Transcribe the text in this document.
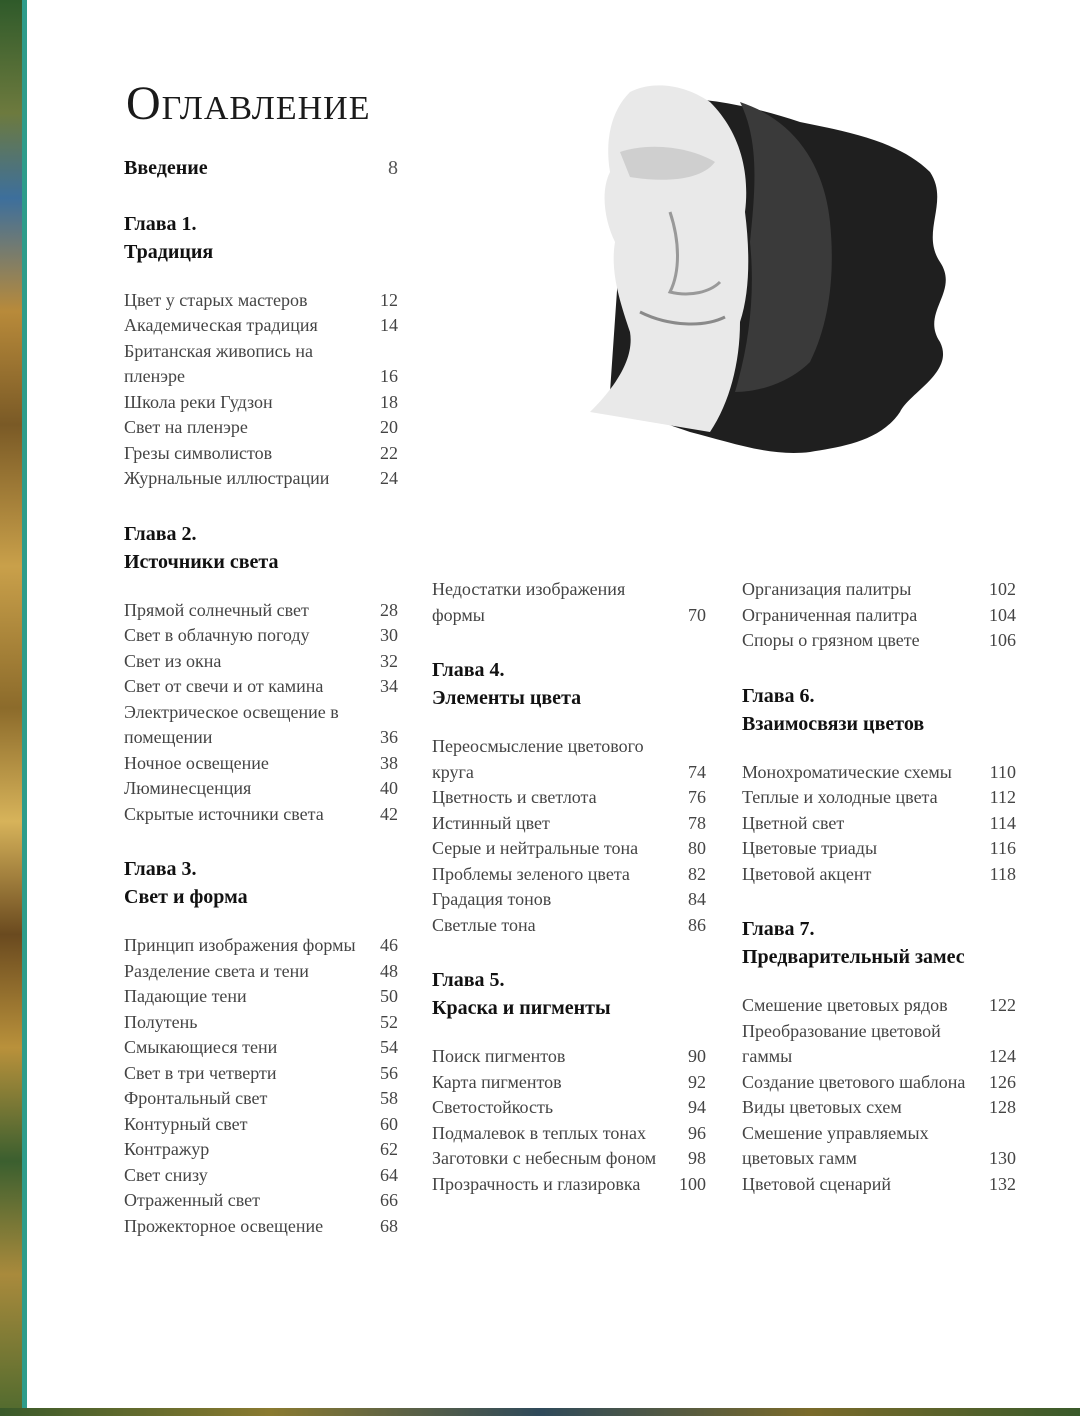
Оглавление
Введение	8
Глава 1.
Традиция
Цвет у старых мастеров	12
Академическая традиция	14
Британская живопись на пленэре	16
Школа реки Гудзон	18
Свет на пленэре	20
Грезы символистов	22
Журнальные иллюстрации	24
Глава 2.
Источники света
Прямой солнечный свет	28
Свет в облачную погоду	30
Свет из окна	32
Свет от свечи и от камина	34
Электрическое освещение в помещении	36
Ночное освещение	38
Люминесценция	40
Скрытые источники света	42
Глава 3.
Свет и форма
Принцип изображения формы	46
Разделение света и тени	48
Падающие тени	50
Полутень	52
Смыкающиеся тени	54
Свет в три четверти	56
Фронтальный свет	58
Контурный свет	60
Контражур	62
Свет снизу	64
Отраженный свет	66
Прожекторное освещение	68
Недостатки изображения формы	70
Глава 4.
Элементы цвета
Переосмысление цветового круга	74
Цветность и светлота	76
Истинный цвет	78
Серые и нейтральные тона	80
Проблемы зеленого цвета	82
Градация тонов	84
Светлые тона	86
Глава 5.
Краска и пигменты
Поиск пигментов	90
Карта пигментов	92
Светостойкость	94
Подмалевок в теплых тонах	96
Заготовки с небесным фоном	98
Прозрачность и глазировка	100
Организация палитры	102
Ограниченная палитра	104
Споры о грязном цвете	106
Глава 6.
Взаимосвязи цветов
Монохроматические схемы	110
Теплые и холодные цвета	112
Цветной свет	114
Цветовые триады	116
Цветовой акцент	118
Глава 7.
Предварительный замес
Смешение цветовых рядов	122
Преобразование цветовой гаммы	124
Создание цветового шаблона	126
Виды цветовых схем	128
Смешение управляемых цветовых гамм	130
Цветовой сценарий	132
